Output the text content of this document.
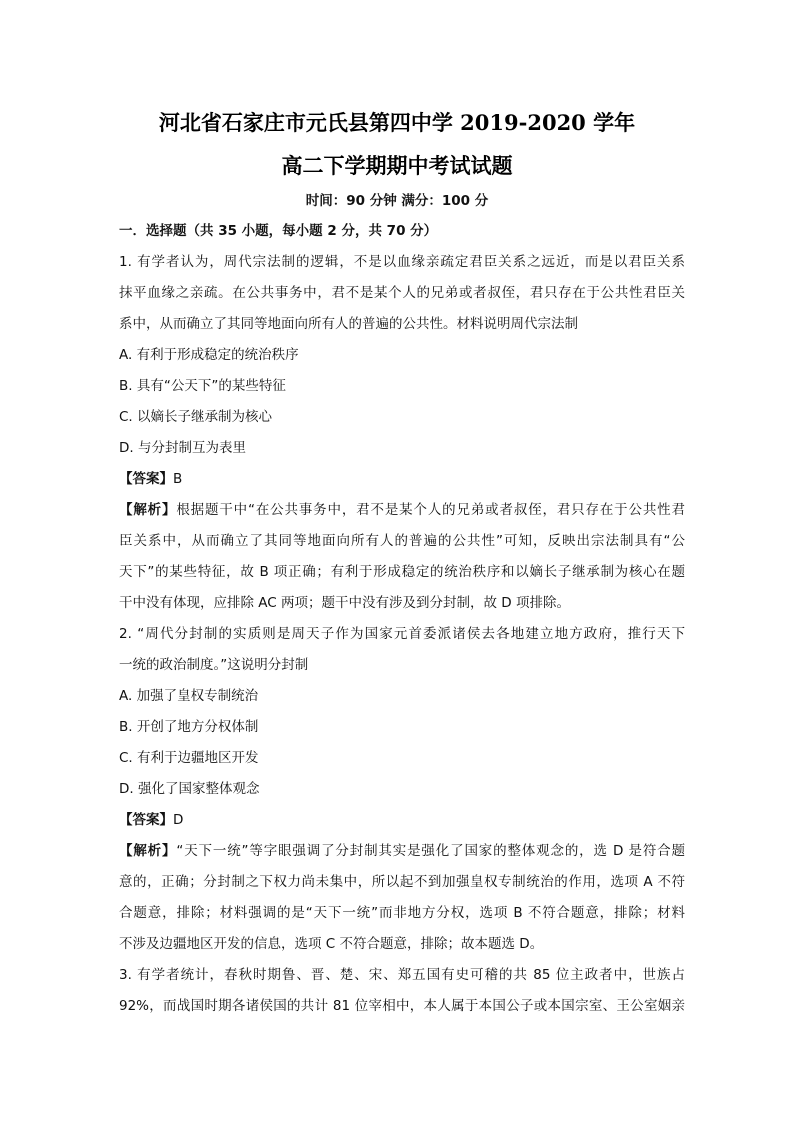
河北省石家庄市元氏县第四中学 2019-2020 学年
高二下学期期中考试试题
时间：90 分钟 满分：100 分
一．选择题（共 35 小题，每小题 2 分，共 70 分）
1. 有学者认为，周代宗法制的逻辑，不是以血缘亲疏定君臣关系之远近，而是以君臣关系
抹平血缘之亲疏。在公共事务中，君不是某个人的兄弟或者叔侄，君只存在于公共性君臣关
系中，从而确立了其同等地面向所有人的普遍的公共性。材料说明周代宗法制
A. 有利于形成稳定的统治秩序
B. 具有“公天下”的某些特征
C. 以嫡长子继承制为核心
D. 与分封制互为表里
【答案】B
【解析】根据题干中“在公共事务中，君不是某个人的兄弟或者叔侄，君只存在于公共性君
臣关系中，从而确立了其同等地面向所有人的普遍的公共性”可知，反映出宗法制具有“公
天下”的某些特征，故 B 项正确；有利于形成稳定的统治秩序和以嫡长子继承制为核心在题
干中没有体现，应排除 AC 两项；题干中没有涉及到分封制，故 D 项排除。
2. “周代分封制的实质则是周天子作为国家元首委派诸侯去各地建立地方政府，推行天下
一统的政治制度。”这说明分封制
A. 加强了皇权专制统治
B. 开创了地方分权体制
C. 有利于边疆地区开发
D. 强化了国家整体观念
【答案】D
【解析】“天下一统”等字眼强调了分封制其实是强化了国家的整体观念的，选 D 是符合题
意的，正确；分封制之下权力尚未集中，所以起不到加强皇权专制统治的作用，选项 A 不符
合题意，排除；材料强调的是“天下一统”而非地方分权，选项 B 不符合题意，排除；材料
不涉及边疆地区开发的信息，选项 C 不符合题意，排除；故本题选 D。
3. 有学者统计，春秋时期鲁、晋、楚、宋、郑五国有史可稽的共 85 位主政者中，世族占
92%，而战国时期各诸侯国的共计 81 位宰相中，本人属于本国公子或本国宗室、王公室姻亲
